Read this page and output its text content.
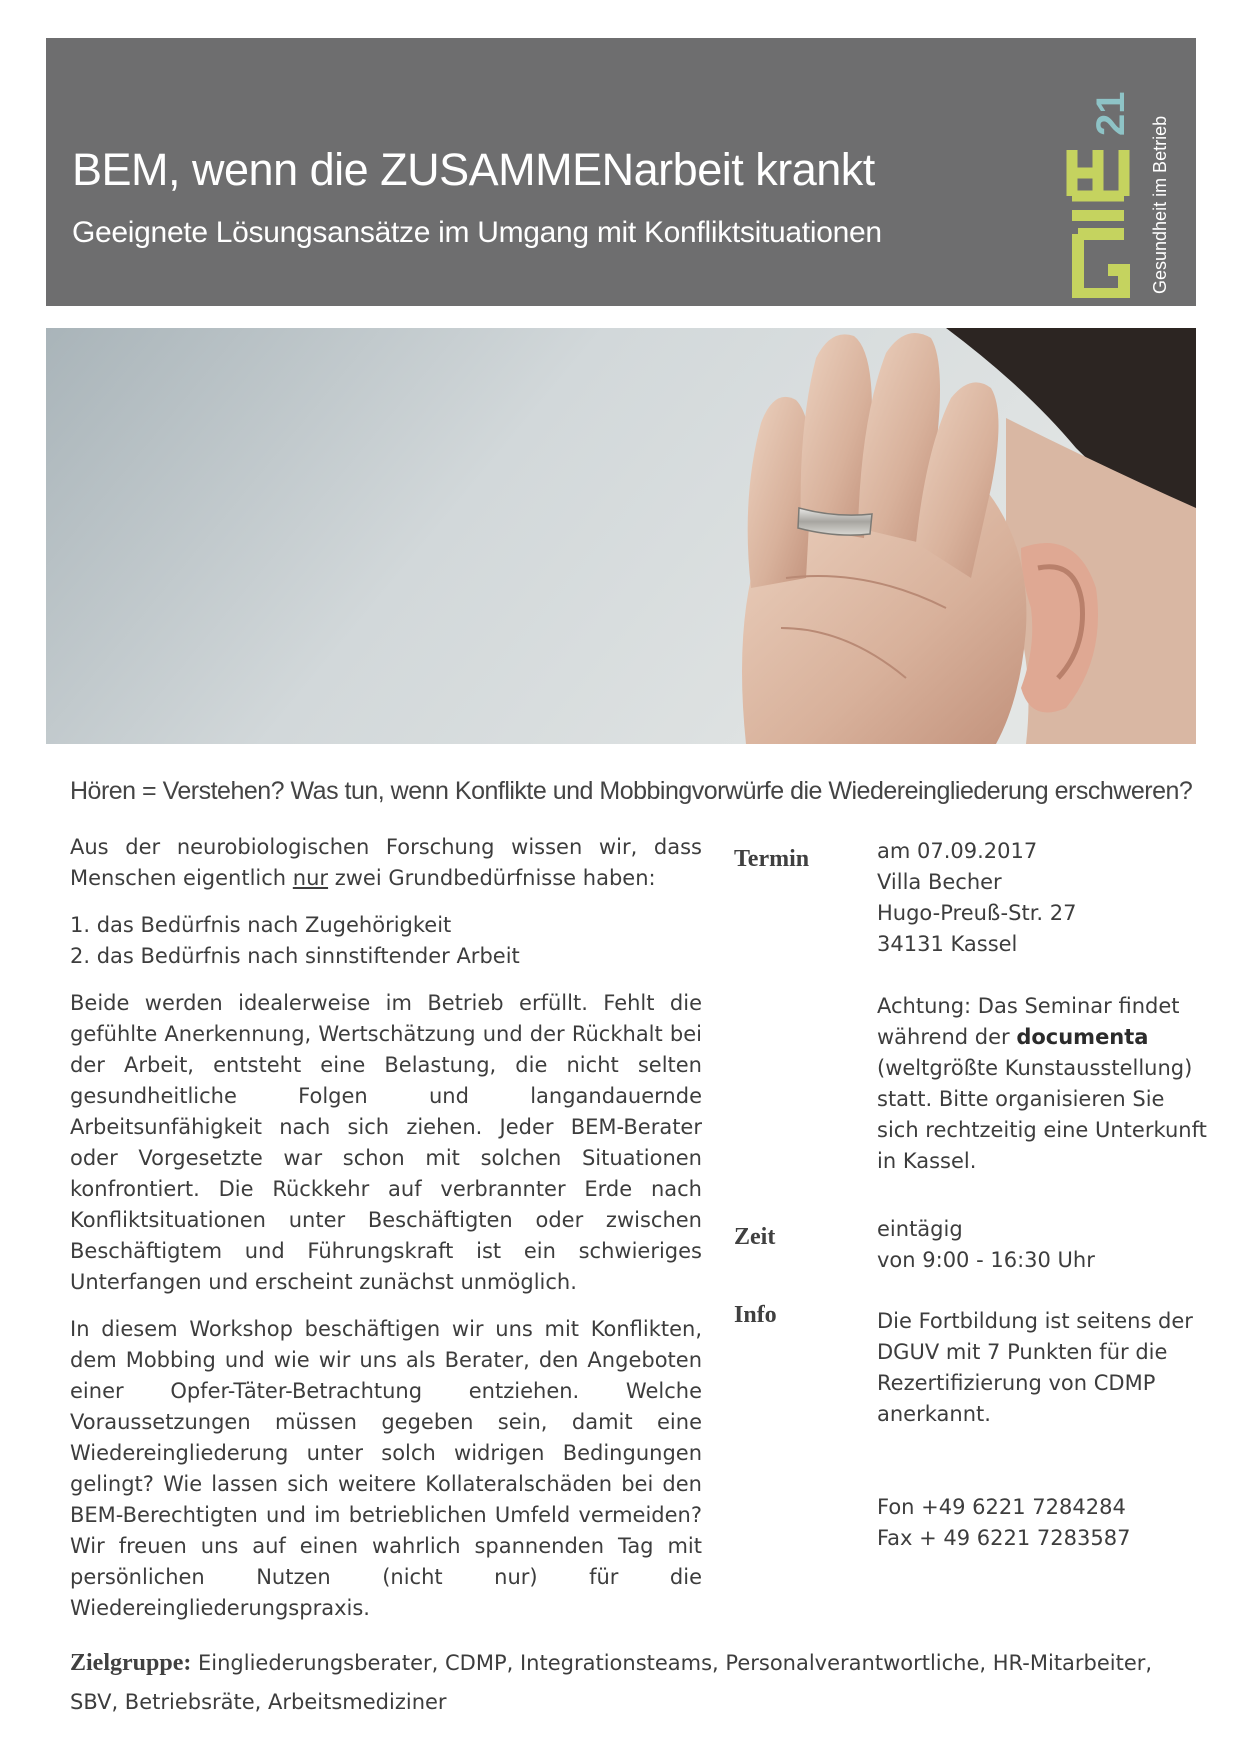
BEM, wenn die ZUSAMMENarbeit krankt
Geeignete Lösungsansätze im Umgang mit Konfliktsituationen
21
Gesundheit im Betrieb
Hören = Verstehen? Was tun, wenn Konflikte und Mobbingvorwürfe die Wiedereingliederung erschweren?

Aus der neurobiologischen Forschung wissen wir, dass Menschen eigentlich nur zwei Grundbedürfnisse haben:

1. das Bedürfnis nach Zugehörigkeit
2. das Bedürfnis nach sinnstiftender Arbeit

Beide werden idealerweise im Betrieb erfüllt. Fehlt die gefühlte Anerkennung, Wertschätzung und der Rückhalt bei der Arbeit, entsteht eine Belastung, die nicht selten gesundheitliche Folgen und langandauernde Arbeitsunfähigkeit nach sich ziehen. Jeder BEM-Berater oder Vorgesetzte war schon mit solchen Situationen konfrontiert. Die Rückkehr auf verbrannter Erde nach Konfliktsituationen unter Beschäftigten oder zwischen Beschäftigtem und Führungskraft ist ein schwieriges Unterfangen und erscheint zunächst unmöglich.

In diesem Workshop beschäftigen wir uns mit Konflikten, dem Mobbing und wie wir uns als Berater, den Angeboten einer Opfer-Täter-Betrachtung entziehen. Welche Voraussetzungen müssen gegeben sein, damit eine Wiedereingliederung unter solch widrigen Bedingungen gelingt? Wie lassen sich weitere Kollateralschäden bei den BEM-Berechtigten und im betrieblichen Umfeld vermeiden? Wir freuen uns auf einen wahrlich spannenden Tag mit persönlichen Nutzen (nicht nur) für die Wiedereingliederungspraxis.

Termin	am 07.09.2017

Villa Becher

Hugo-Preuß-Str. 27

34131 Kassel

Achtung: Das Seminar findet während der documenta (weltgrößte Kunstausstellung) statt. Bitte organisieren Sie sich rechtzeitig eine Unterkunft in Kassel.

Zeit	eintägig

von 9:00 - 16:30 Uhr

Info	Die Fortbildung ist seitens der DGUV mit 7 Punkten für die Rezertifizierung von CDMP anerkannt.

Fon +49 6221 7284284

Fax + 49 6221 7283587

Zielgruppe: Eingliederungsberater, CDMP, Integrationsteams, Personalverantwortliche, HR-Mitarbeiter, SBV, Betriebsräte, Arbeitsmediziner
